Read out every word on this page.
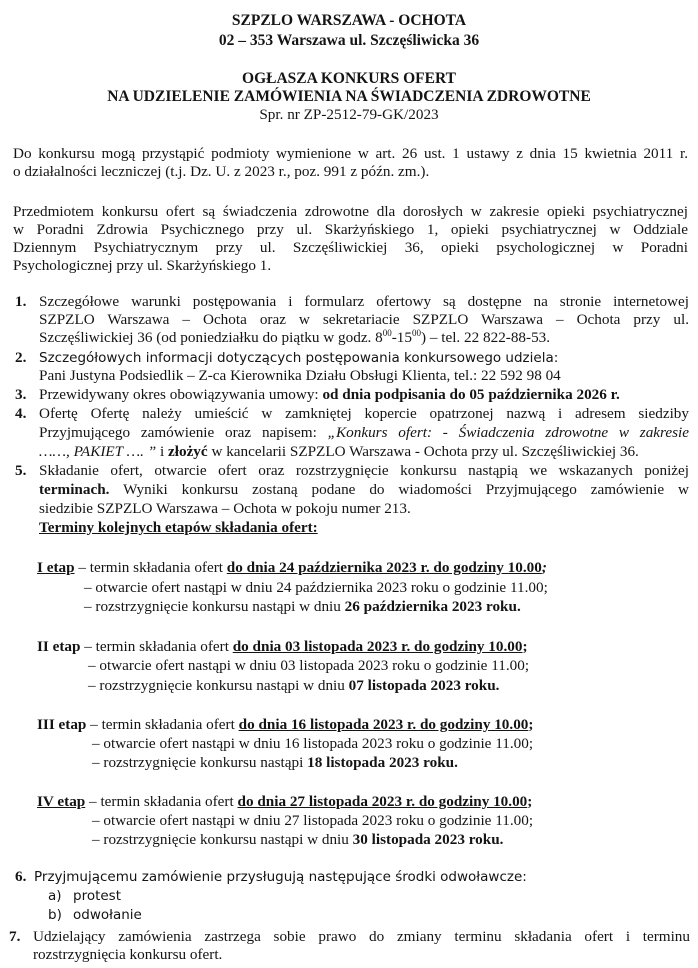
SZPZLO WARSZAWA - OCHOTA
02 – 353 Warszawa ul. Szczęśliwicka 36
OGŁASZA KONKURS OFERT
NA UDZIELENIE ZAMÓWIENIA NA ŚWIADCZENIA ZDROWOTNE
Spr. nr ZP-2512-79-GK/2023
Do konkursu mogą przystąpić podmioty wymienione w art. 26 ust. 1 ustawy z dnia 15 kwietnia 2011 r.
o działalności leczniczej (t.j. Dz. U. z 2023 r., poz. 991 z późn. zm.).
Przedmiotem konkursu ofert są świadczenia zdrowotne dla dorosłych w zakresie opieki psychiatrycznej
w Poradni Zdrowia Psychicznego przy ul. Skarżyńskiego 1, opieki psychiatrycznej w Oddziale
Dziennym Psychiatrycznym przy ul. Szczęśliwickiej 36, opieki psychologicznej w Poradni
Psychologicznej przy ul. Skarżyńskiego 1.
1. Szczegółowe warunki postępowania i formularz ofertowy są dostępne na stronie internetowej
SZPZLO Warszawa – Ochota oraz w sekretariacie SZPZLO Warszawa – Ochota przy ul.
Szczęśliwickiej 36 (od poniedziałku do piątku w godz. $8^{00}-15^{00}$) – tel. 22 822-88-53.
2. Szczegółowych informacji dotyczących postępowania konkursowego udziela:
Pani Justyna Podsiedlik – Z-ca Kierownika Działu Obsługi Klienta, tel.: 22 592 98 04
3. Przewidywany okres obowiązywania umowy: od dnia podpisania do 05 października 2026 r.
4. Ofertę Ofertę należy umieścić w zamkniętej kopercie opatrzonej nazwą i adresem siedziby
Przyjmującego zamówienie oraz napisem: „Konkurs ofert: - Świadczenia zdrowotne w zakresie
……, PAKIET …. ” i złożyć w kancelarii SZPZLO Warszawa - Ochota przy ul. Szczęśliwickiej 36.
5. Składanie ofert, otwarcie ofert oraz rozstrzygnięcie konkursu nastąpią we wskazanych poniżej
terminach. Wyniki konkursu zostaną podane do wiadomości Przyjmującego zamówienie w
siedzibie SZPZLO Warszawa – Ochota w pokoju numer 213.
Terminy kolejnych etapów składania ofert:
I etap – termin składania ofert do dnia 24 października 2023 r. do godziny 10.00;
– otwarcie ofert nastąpi w dniu 24 października 2023 roku o godzinie 11.00;
– rozstrzygnięcie konkursu nastąpi w dniu 26 października 2023 roku.
II etap – termin składania ofert do dnia 03 listopada 2023 r. do godziny 10.00;
– otwarcie ofert nastąpi w dniu 03 listopada 2023 roku o godzinie 11.00;
– rozstrzygnięcie konkursu nastąpi w dniu 07 listopada 2023 roku.
III etap – termin składania ofert do dnia 16 listopada 2023 r. do godziny 10.00;
– otwarcie ofert nastąpi w dniu 16 listopada 2023 roku o godzinie 11.00;
– rozstrzygnięcie konkursu nastąpi 18 listopada 2023 roku.
IV etap – termin składania ofert do dnia 27 listopada 2023 r. do godziny 10.00;
– otwarcie ofert nastąpi w dniu 27 listopada 2023 roku o godzinie 11.00;
– rozstrzygnięcie konkursu nastąpi w dniu 30 listopada 2023 roku.
6. Przyjmującemu zamówienie przysługują następujące środki odwoławcze:
a) protest
b) odwołanie
7. Udzielający zamówienia zastrzega sobie prawo do zmiany terminu składania ofert i terminu
rozstrzygnięcia konkursu ofert.
